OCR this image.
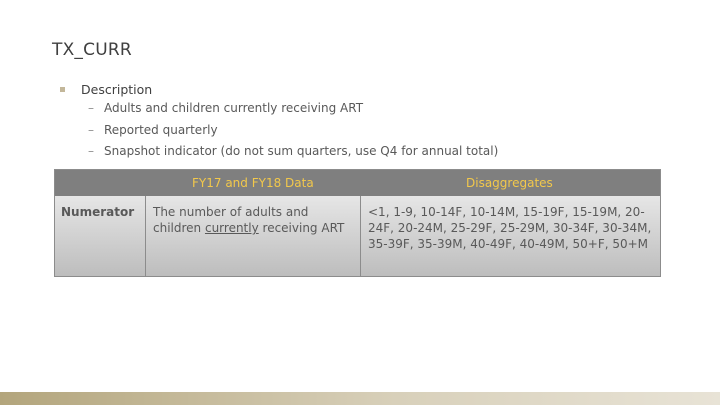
TX_CURR
Description
– Adults and children currently receiving ART
– Reported quarterly
– Snapshot indicator (do not sum quarters, use Q4 for annual total)
FY17 and FY18 Data	Disaggregates
Numerator	The number of adults and children currently receiving ART
<1, 1-9, 10-14F, 10-14M, 15-19F, 15-19M, 20-24F, 20-24M, 25-29F, 25-29M, 30-34F, 30-34M, 35-39F, 35-39M, 40-49F, 40-49M, 50+F, 50+M
